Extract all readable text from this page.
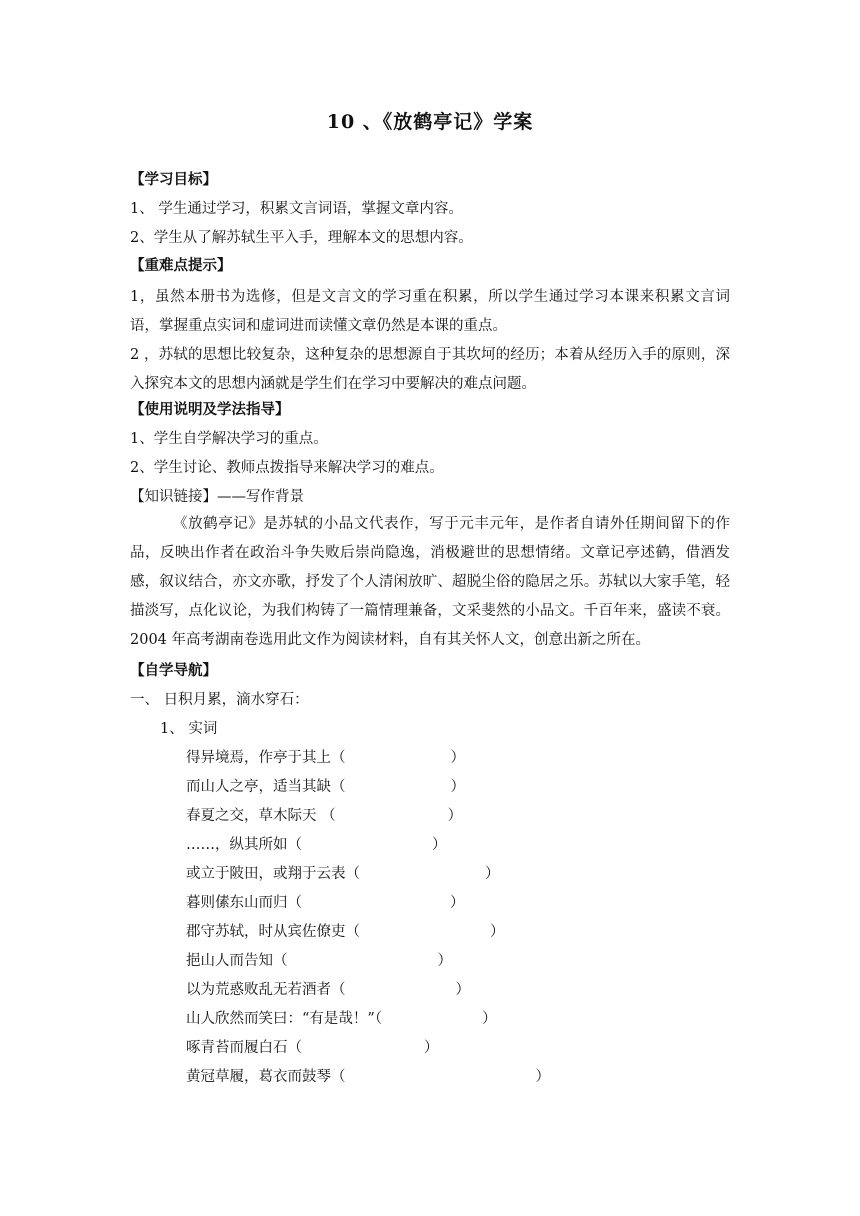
10 、《放鹤亭记》学案
【学习目标】
1、 学生通过学习，积累文言词语，掌握文章内容。
2、学生从了解苏轼生平入手，理解本文的思想内容。
【重难点提示】
1，虽然本册书为选修，但是文言文的学习重在积累，所以学生通过学习本课来积累文言词语，掌握重点实词和虚词进而读懂文章仍然是本课的重点。
2 ，苏轼的思想比较复杂，这种复杂的思想源自于其坎坷的经历；本着从经历入手的原则，深入探究本文的思想内涵就是学生们在学习中要解决的难点问题。
【使用说明及学法指导】
1、学生自学解决学习的重点。
2、学生讨论、教师点拨指导来解决学习的难点。
【知识链接】——写作背景
《放鹤亭记》是苏轼的小品文代表作，写于元丰元年，是作者自请外任期间留下的作品，反映出作者在政治斗争失败后崇尚隐逸，消极避世的思想情绪。文章记亭述鹤，借酒发感，叙议结合，亦文亦歌，抒发了个人清闲放旷、超脱尘俗的隐居之乐。苏轼以大家手笔，轻描淡写，点化议论，为我们构铸了一篇情理兼备，文采斐然的小品文。千百年来，盛读不衰。2004 年高考湖南卷选用此文作为阅读材料，自有其关怀人文，创意出新之所在。
【自学导航】
一、 日积月累，滴水穿石：
1、 实词
得异境焉，作亭于其上（	）
而山人之亭，适当其缺（	）
春夏之交，草木际天 （	）
……，纵其所如（	）
或立于陂田，或翔于云表（	）
暮则傃东山而归（	）
郡守苏轼，时从宾佐僚吏（	）
挹山人而告知（	）
以为荒惑败乱无若酒者（	）
山人欣然而笑曰：“有是哉！”（	）
啄青苔而履白石（	）
黄冠草履，葛衣而鼓琴（	）
